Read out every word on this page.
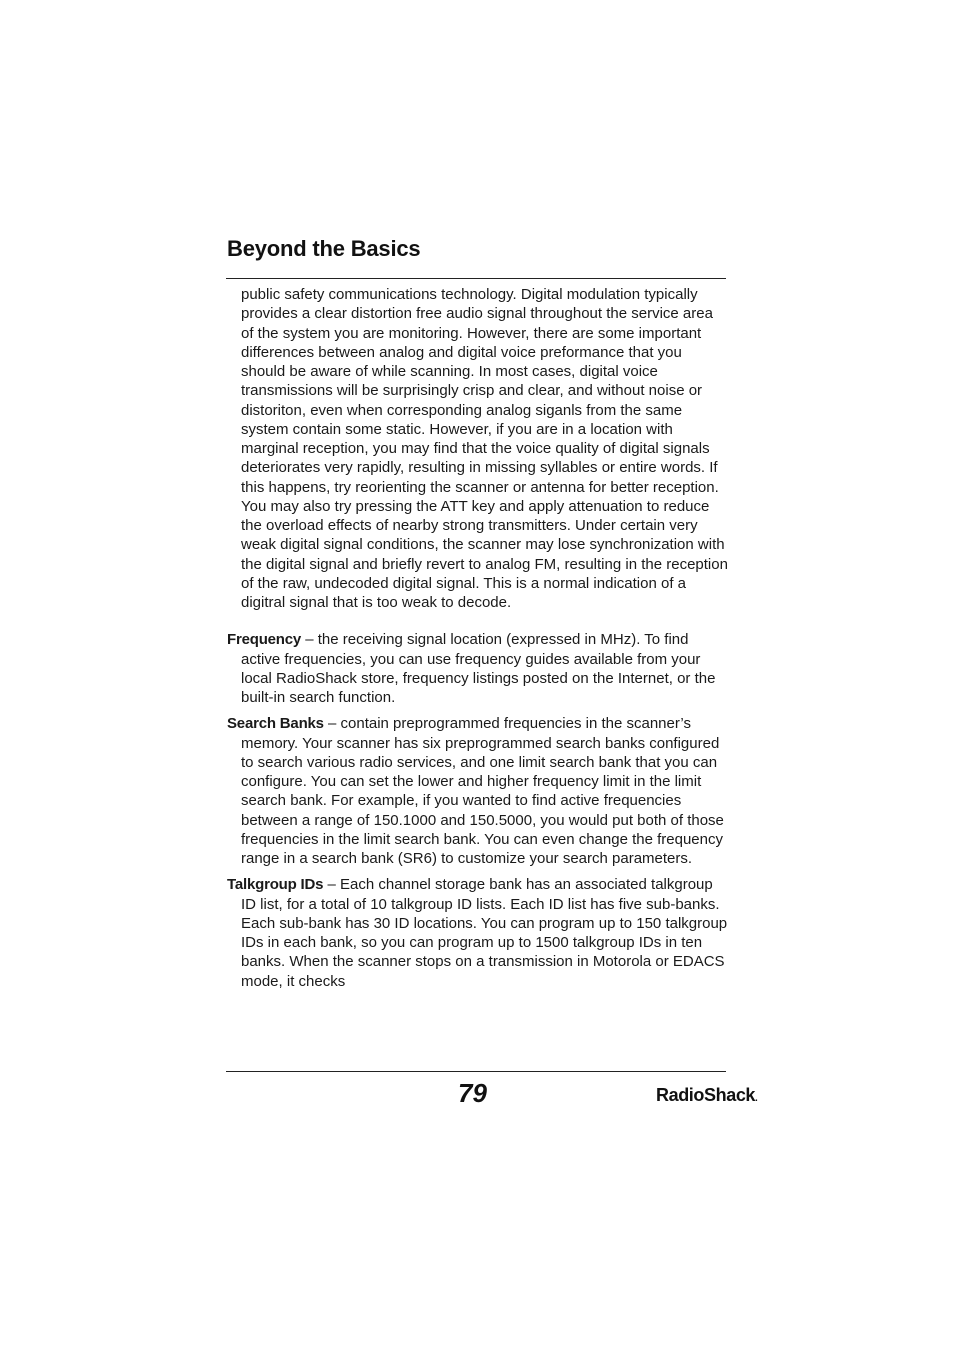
Beyond the Basics

public safety communications technology. Digital modulation typically provides a clear distortion free audio signal throughout the service area of the system you are monitoring. However, there are some important differences between analog and digital voice preformance that you should be aware of while scanning. In most cases, digital voice transmissions will be surprisingly crisp and clear, and without noise or distoriton, even when corresponding analog siganls from the same system contain some static. However, if you are in a location with marginal reception, you may find that the voice quality of digital signals deteriorates very rapidly, resulting in missing syllables or entire words. If this happens, try reorienting the scanner or antenna for better reception. You may also try pressing the ATT key and apply attenuation to reduce the overload effects of nearby strong transmitters. Under certain very weak digital signal conditions, the scanner may lose synchronization with the digital signal and briefly revert to analog FM, resulting in the reception of the raw, undecoded digital signal. This is a normal indication of a digitral signal that is too weak to decode.

Frequency – the receiving signal location (expressed in MHz). To find active frequencies, you can use frequency guides available from your local RadioShack store, frequency listings posted on the Internet, or the built-in search function.

Search Banks – contain preprogrammed frequencies in the scanner’s memory. Your scanner has six preprogrammed search banks configured to search various radio services, and one limit search bank that you can configure. You can set the lower and higher frequency limit in the limit search bank. For example, if you wanted to find active frequencies between a range of 150.1000 and 150.5000, you would put both of those frequencies in the limit search bank. You can even change the frequency range in a search bank (SR6) to customize your search parameters.

Talkgroup IDs – Each channel storage bank has an associated talkgroup ID list, for a total of 10 talkgroup ID lists. Each ID list has five sub-banks. Each sub-bank has 30 ID locations. You can program up to 150 talkgroup IDs in each bank, so you can program up to 1500 talkgroup IDs in ten banks. When the scanner stops on a transmission in Motorola or EDACS mode, it checks

79	RadioShack.
